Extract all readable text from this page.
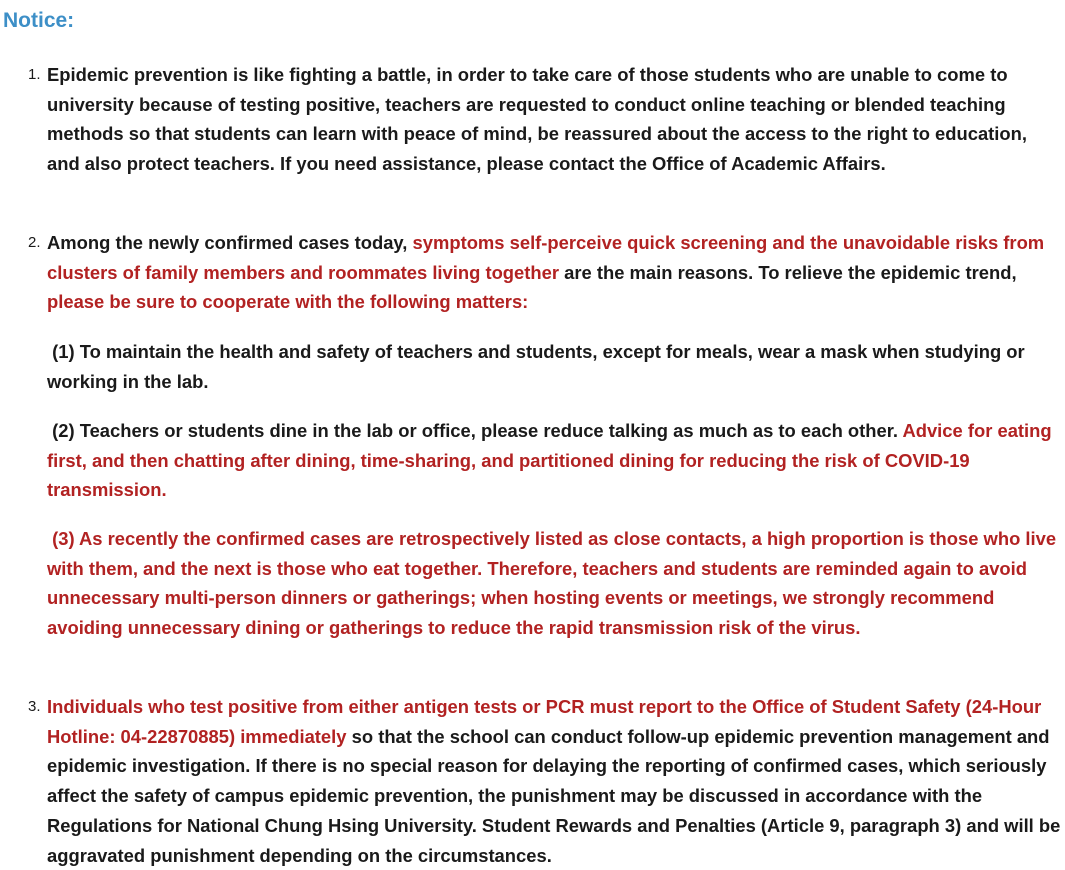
Notice:

1. Epidemic prevention is like fighting a battle, in order to take care of those students who are unable to come to university because of testing positive, teachers are requested to conduct online teaching or blended teaching methods so that students can learn with peace of mind, be reassured about the access to the right to education, and also protect teachers. If you need assistance, please contact the Office of Academic Affairs.

2. Among the newly confirmed cases today, symptoms self-perceive quick screening and the unavoidable risks from clusters of family members and roommates living together are the main reasons. To relieve the epidemic trend, please be sure to cooperate with the following matters:

(1) To maintain the health and safety of teachers and students, except for meals, wear a mask when studying or working in the lab.

(2) Teachers or students dine in the lab or office, please reduce talking as much as to each other. Advice for eating first, and then chatting after dining, time-sharing, and partitioned dining for reducing the risk of COVID-19 transmission.

(3) As recently the confirmed cases are retrospectively listed as close contacts, a high proportion is those who live with them, and the next is those who eat together. Therefore, teachers and students are reminded again to avoid unnecessary multi-person dinners or gatherings; when hosting events or meetings, we strongly recommend avoiding unnecessary dining or gatherings to reduce the rapid transmission risk of the virus.

3. Individuals who test positive from either antigen tests or PCR must report to the Office of Student Safety (24-Hour Hotline: 04-22870885) immediately so that the school can conduct follow-up epidemic prevention management and epidemic investigation. If there is no special reason for delaying the reporting of confirmed cases, which seriously affect the safety of campus epidemic prevention, the punishment may be discussed in accordance with the Regulations for National Chung Hsing University. Student Rewards and Penalties (Article 9, paragraph 3) and will be aggravated punishment depending on the circumstances.
